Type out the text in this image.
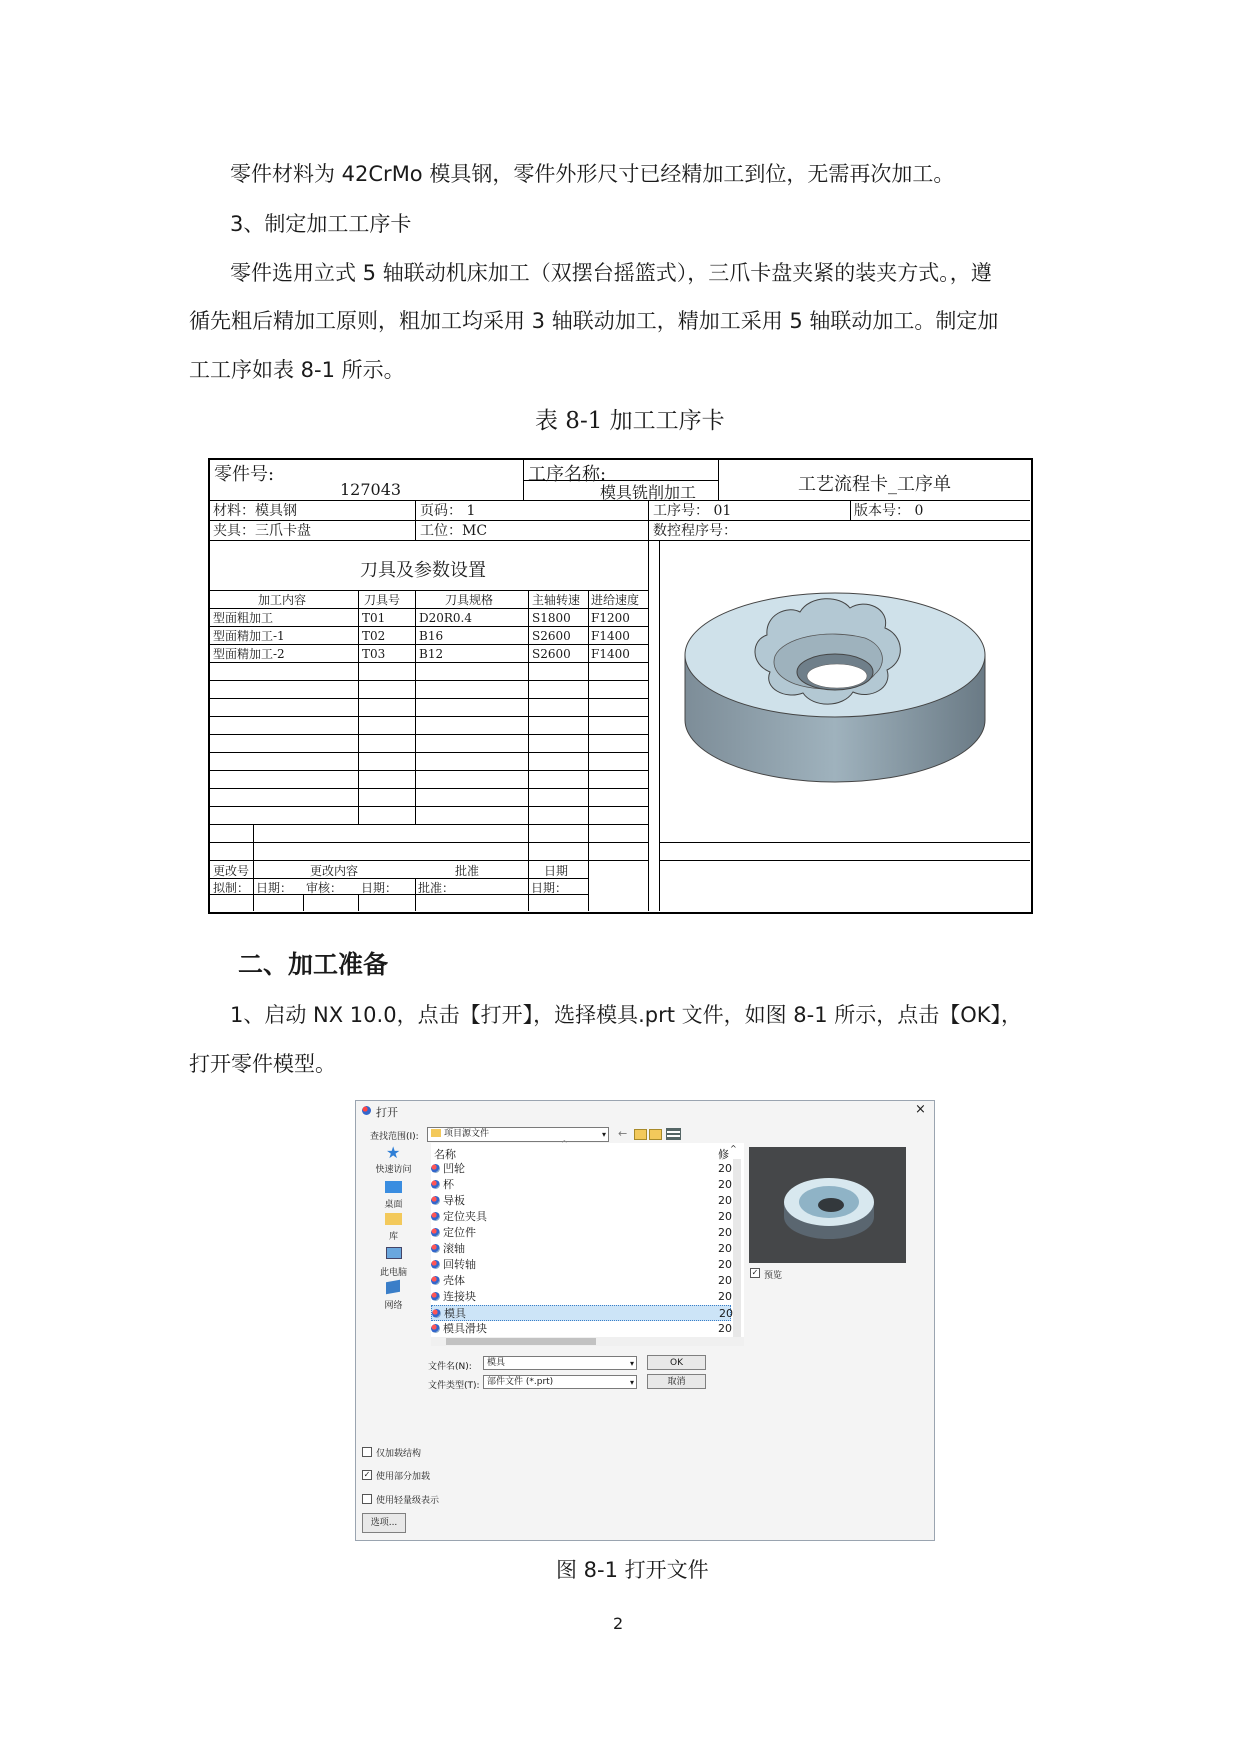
零件材料为 42CrMo 模具钢，零件外形尺寸已经精加工到位，无需再次加工。
3、制定加工工序卡
零件选用立式 5 轴联动机床加工（双摆台摇篮式），三爪卡盘夹紧的装夹方式。，遵
循先粗后精加工原则，粗加工均采用 3 轴联动加工，精加工采用 5 轴联动加工。制定加
工工序如表 8-1 所示。
表 8-1 加工工序卡
零件号:
127043
工序名称:
模具铣削加工	工艺流程卡_工序单
材料：模具钢	页码： 1	工序号： 01	版本号： 0
夹具：三爪卡盘	工位：MC	数控程序号：
刀具及参数设置
加工内容	刀具号	刀具规格	主轴转速 进给速度
型面粗加工	T01	D20R0.4	S1800 F1200
型面精加工-1	T02	B16	S2600 F1400
型面精加工-2	T03	B12	S2600 F1400
更改号	更改内容	批准	日期
拟制： 日期： 审核： 日期： 批准：	日期：
二、加工准备
1、启动 NX 10.0，点击【打开】，选择模具.prt 文件，如图 8-1 所示，点击【OK】，
打开零件模型。
打开	×
查找范围(I):	项目源文件	▾ ←
★
快速访问
桌面
库
此电脑
网络
名称
^
修 ^
凹轮	20
杯	20
导板	20
定位夹具	20
定位件	20
滚轴	20
回转轴	20
壳体	20
连接块	20
模具	20
模具滑块	20
✓ 预览
文件名(N):	模具	▾	OK
文件类型(T): 部件文件 (*.prt)	▾	取消
仅加载结构
✓ 使用部分加载
使用轻量级表示
选项...
图 8-1 打开文件
2
